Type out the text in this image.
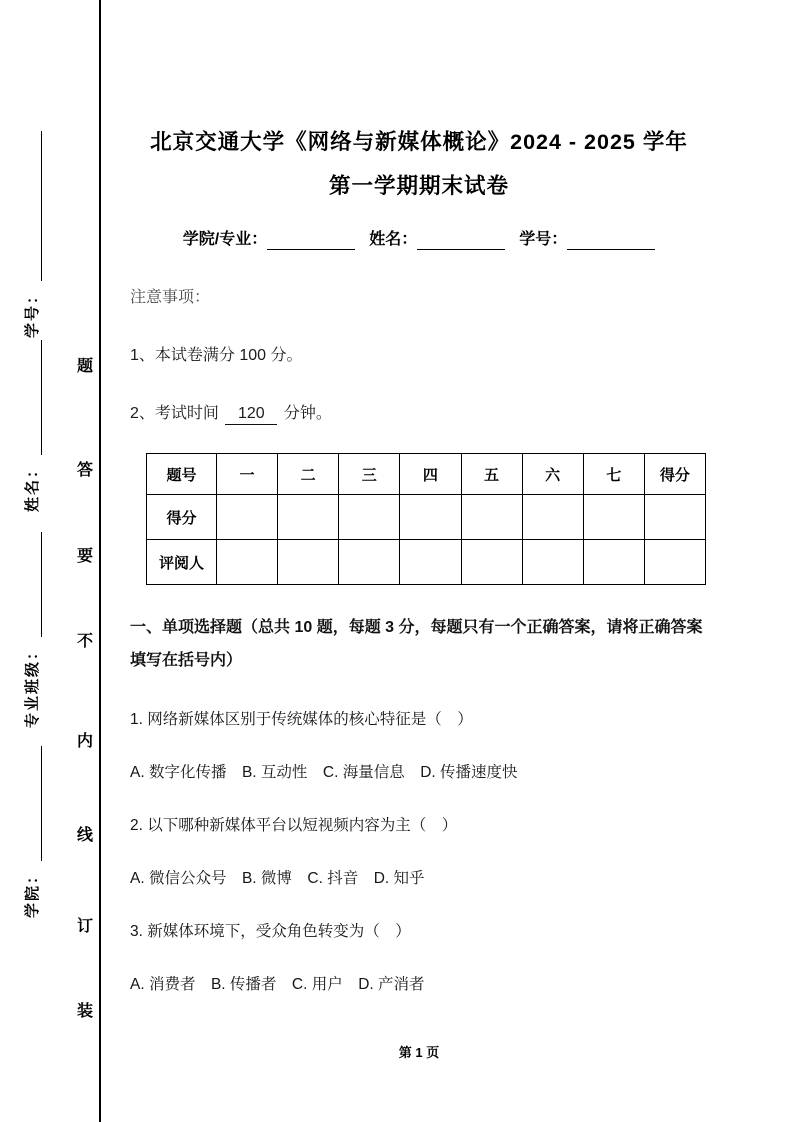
学号：
姓名：
专业班级：
学院：
题
答
要
不
内
线
订
装
北京交通大学《网络与新媒体概论》2024 - 2025 学年
第一学期期末试卷
学院/专业：	姓名：	学号：
注意事项：
1、本试卷满分 100 分。
2、考试时间 120 分钟。
题号	一	二	三	四	五	六	七	得分
得分								
评阅人								
一、单项选择题（总共 10 题，每题 3 分，每题只有一个正确答案，请将正确答案填写在括号内）
1. 网络新媒体区别于传统媒体的核心特征是（　）
A. 数字化传播　B. 互动性　C. 海量信息　D. 传播速度快
2. 以下哪种新媒体平台以短视频内容为主（　）
A. 微信公众号　B. 微博　C. 抖音　D. 知乎
3. 新媒体环境下，受众角色转变为（　）
A. 消费者　B. 传播者　C. 用户　D. 产消者
第 1 页
